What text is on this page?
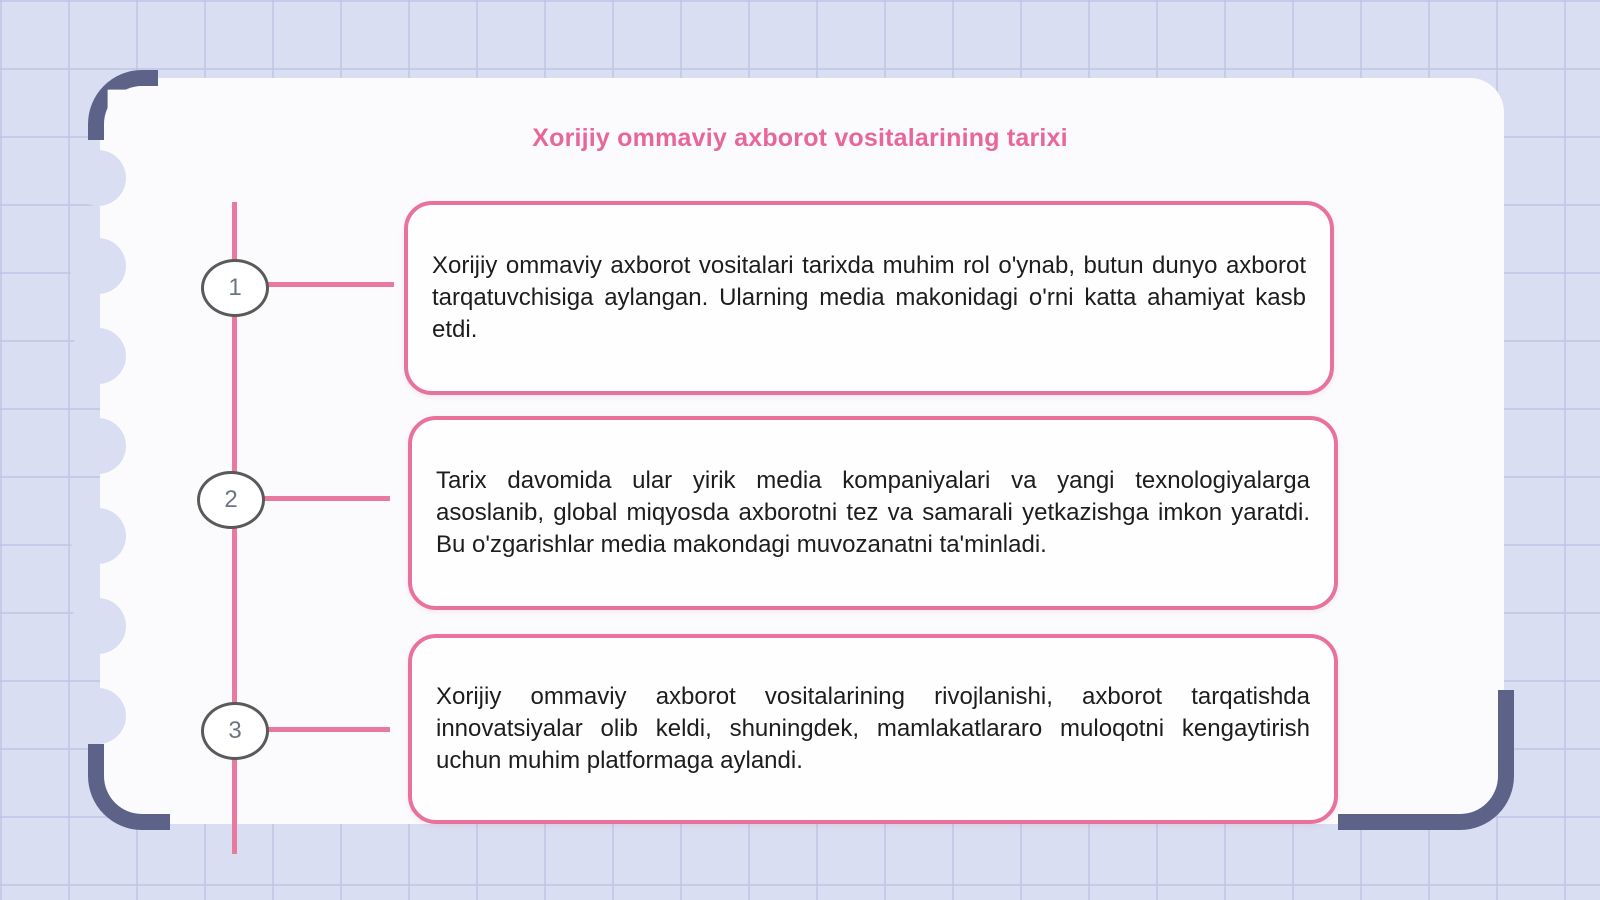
Xorijiy ommaviy axborot vositalarining tarixi
1
2
3
Xorijiy ommaviy axborot vositalari tarixda muhim rol o'ynab, butun dunyo axborot tarqatuvchisiga aylangan. Ularning media makonidagi o'rni katta ahamiyat kasb etdi.
Tarix davomida ular yirik media kompaniyalari va yangi texnologiyalarga asoslanib, global miqyosda axborotni tez va samarali yetkazishga imkon yaratdi. Bu o'zgarishlar media makondagi muvozanatni ta'minladi.
Xorijiy ommaviy axborot vositalarining rivojlanishi, axborot tarqatishda innovatsiyalar olib keldi, shuningdek, mamlakatlararo muloqotni kengaytirish uchun muhim platformaga aylandi.
